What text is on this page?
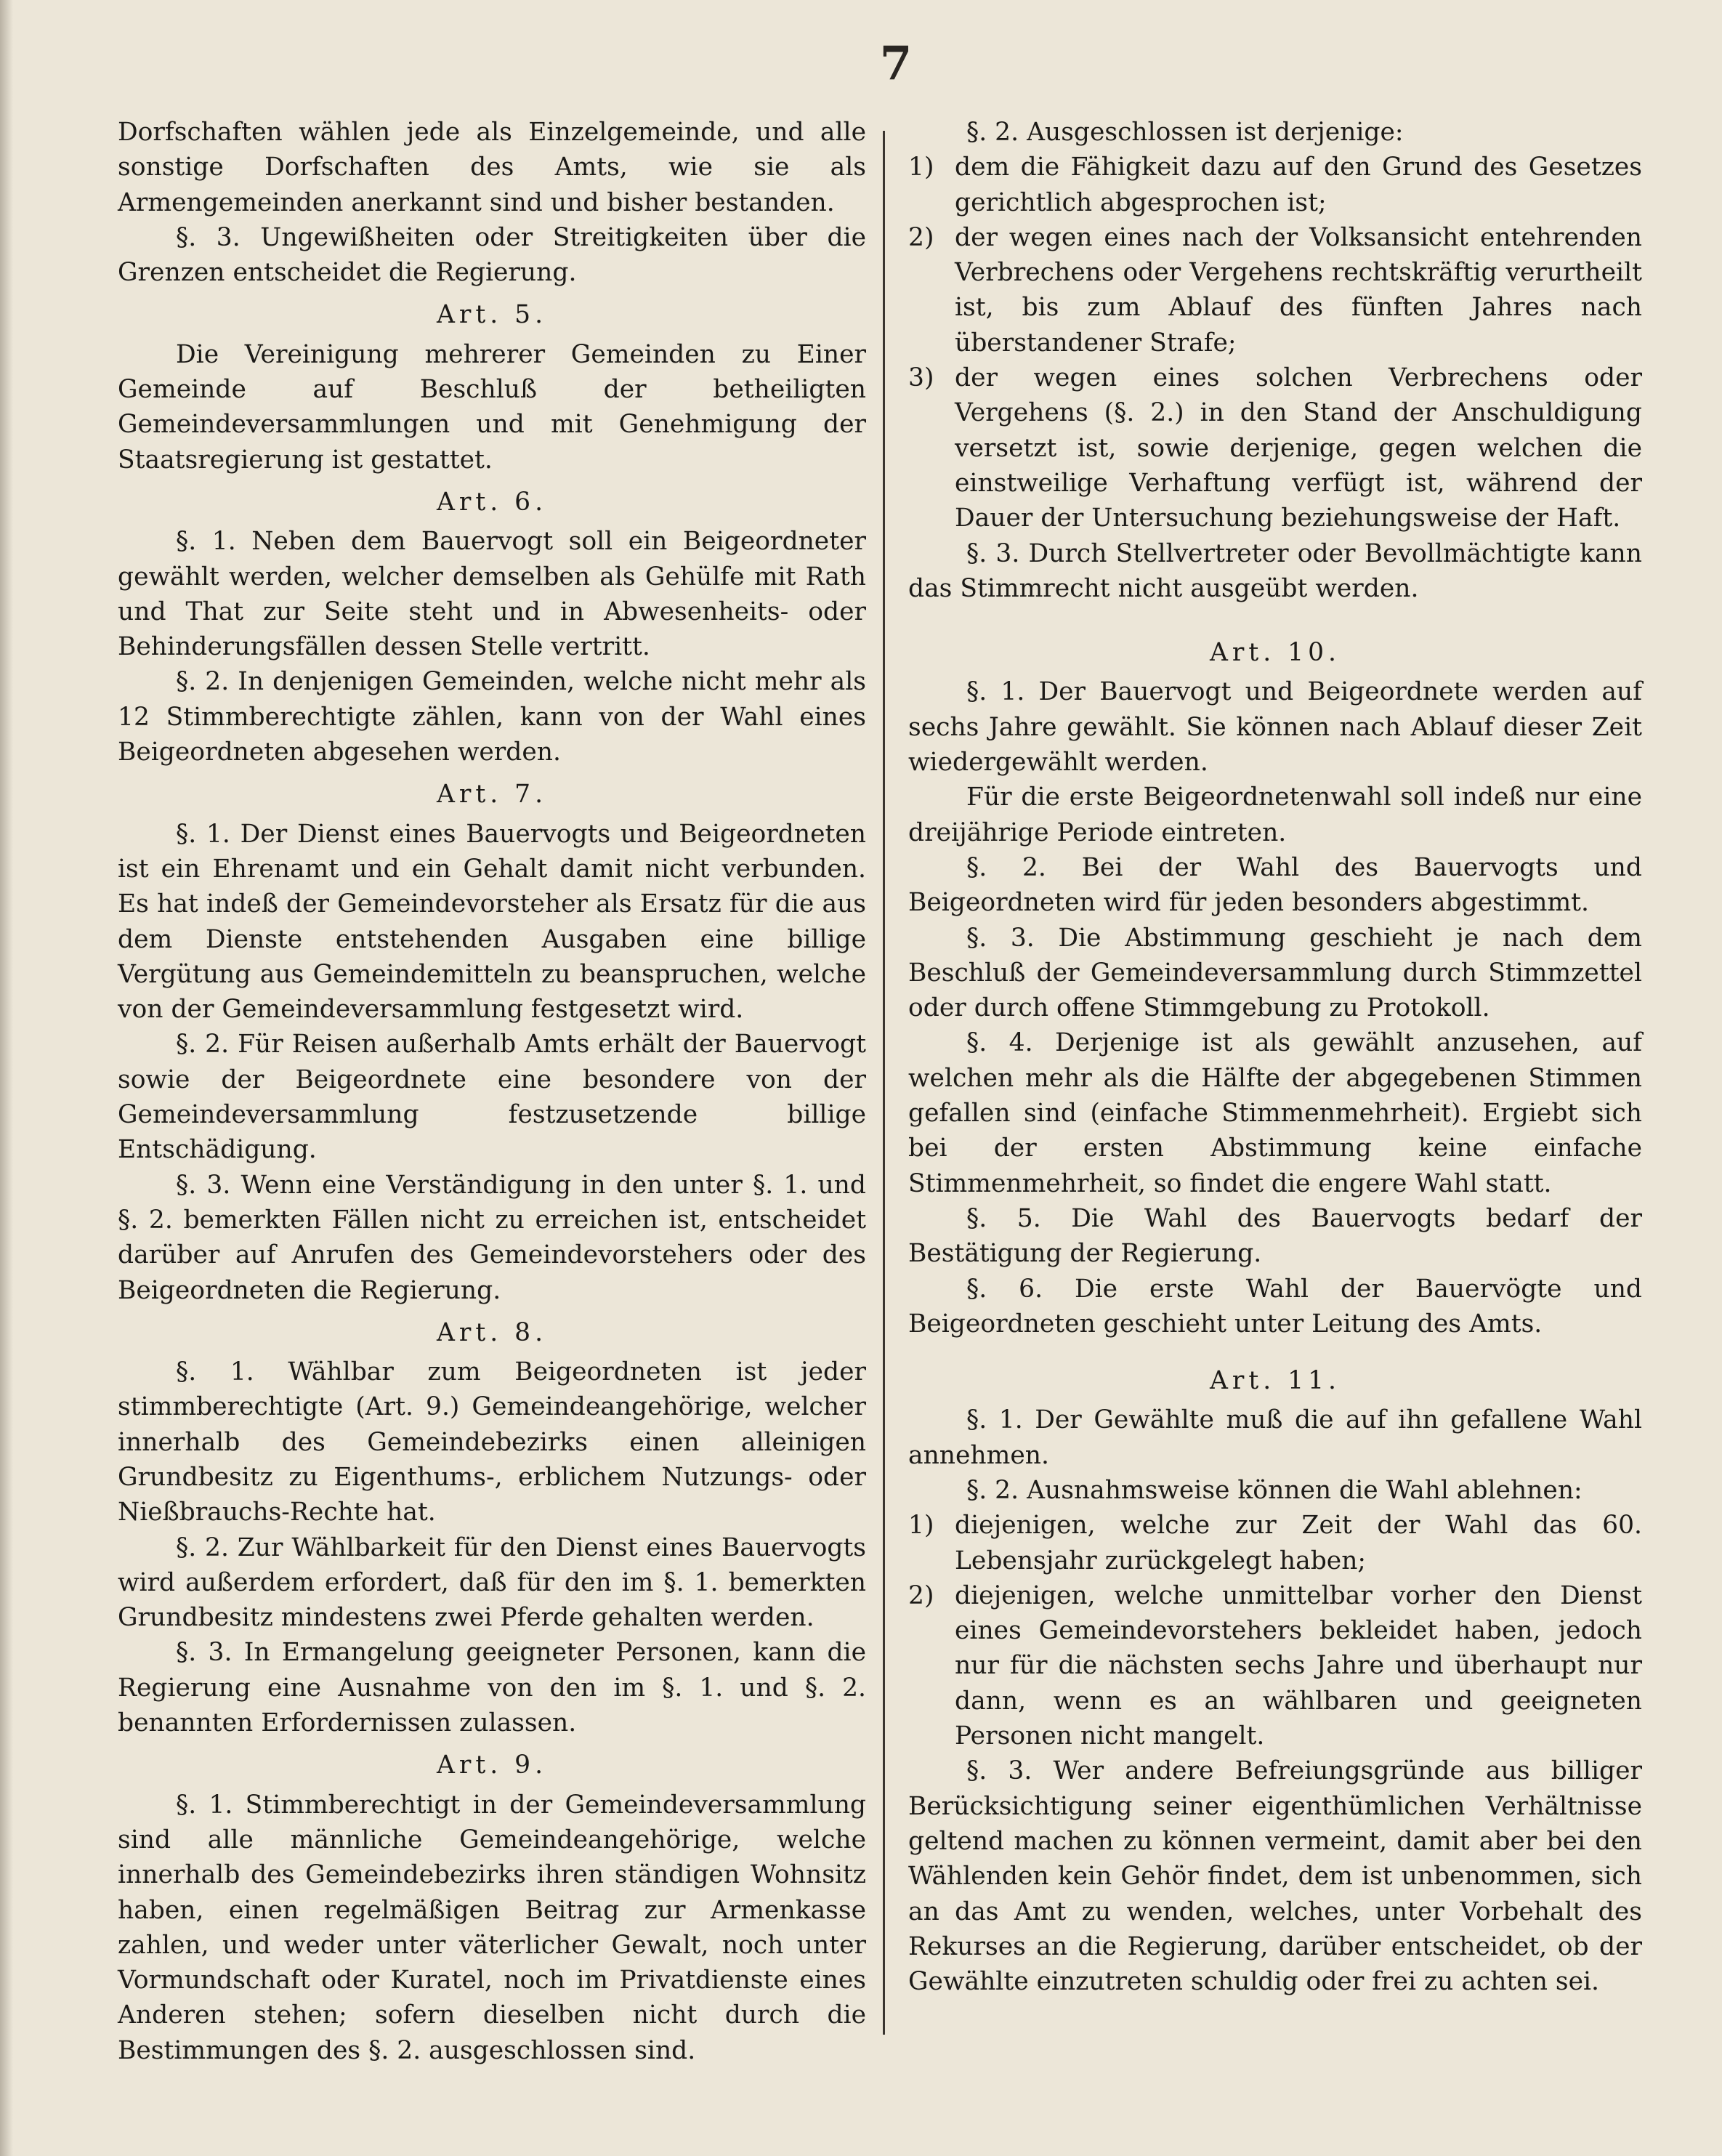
7

Dorfschaften wählen jede als Einzelgemeinde, und alle sonstige Dorfschaften des Amts, wie sie als Armengemeinden anerkannt sind und bisher bestanden.

§. 3. Ungewißheiten oder Streitigkeiten über die Grenzen entscheidet die Regierung.

Art. 5.

Die Vereinigung mehrerer Gemeinden zu Einer Gemeinde auf Beschluß der betheiligten Gemeindeversammlungen und mit Genehmigung der Staatsregierung ist gestattet.

Art. 6.

§. 1. Neben dem Bauervogt soll ein Beigeordneter gewählt werden, welcher demselben als Gehülfe mit Rath und That zur Seite steht und in Abwesenheits- oder Behinderungsfällen dessen Stelle vertritt.

§. 2. In denjenigen Gemeinden, welche nicht mehr als 12 Stimmberechtigte zählen, kann von der Wahl eines Beigeordneten abgesehen werden.

Art. 7.

§. 1. Der Dienst eines Bauervogts und Beigeordneten ist ein Ehrenamt und ein Gehalt damit nicht verbunden. Es hat indeß der Gemeindevorsteher als Ersatz für die aus dem Dienste entstehenden Ausgaben eine billige Vergütung aus Gemeindemitteln zu beanspruchen, welche von der Gemeindeversammlung festgesetzt wird.

§. 2. Für Reisen außerhalb Amts erhält der Bauervogt sowie der Beigeordnete eine besondere von der Gemeindeversammlung festzusetzende billige Entschädigung.

§. 3. Wenn eine Verständigung in den unter §. 1. und §. 2. bemerkten Fällen nicht zu erreichen ist, entscheidet darüber auf Anrufen des Gemeindevorstehers oder des Beigeordneten die Regierung.

Art. 8.

§. 1. Wählbar zum Beigeordneten ist jeder stimmberechtigte (Art. 9.) Gemeindeangehörige, welcher innerhalb des Gemeindebezirks einen alleinigen Grundbesitz zu Eigenthums-, erblichem Nutzungs- oder Nießbrauchs-Rechte hat.

§. 2. Zur Wählbarkeit für den Dienst eines Bauervogts wird außerdem erfordert, daß für den im §. 1. bemerkten Grundbesitz mindestens zwei Pferde gehalten werden.

§. 3. In Ermangelung geeigneter Personen, kann die Regierung eine Ausnahme von den im §. 1. und §. 2. benannten Erfordernissen zulassen.

Art. 9.

§. 1. Stimmberechtigt in der Gemeindeversammlung sind alle männliche Gemeindeangehörige, welche innerhalb des Gemeindebezirks ihren ständigen Wohnsitz haben, einen regelmäßigen Beitrag zur Armenkasse zahlen, und weder unter väterlicher Gewalt, noch unter Vormundschaft oder Kuratel, noch im Privatdienste eines Anderen stehen; sofern dieselben nicht durch die Bestimmungen des §. 2. ausgeschlossen sind.

§. 2. Ausgeschlossen ist derjenige:

1) dem die Fähigkeit dazu auf den Grund des Gesetzes gerichtlich abgesprochen ist;
2) der wegen eines nach der Volksansicht entehrenden Verbrechens oder Vergehens rechtskräftig verurtheilt ist, bis zum Ablauf des fünften Jahres nach überstandener Strafe;
3) der wegen eines solchen Verbrechens oder Vergehens (§. 2.) in den Stand der Anschuldigung versetzt ist, sowie derjenige, gegen welchen die einstweilige Verhaftung verfügt ist, während der Dauer der Untersuchung beziehungsweise der Haft.

§. 3. Durch Stellvertreter oder Bevollmächtigte kann das Stimmrecht nicht ausgeübt werden.

Art. 10.

§. 1. Der Bauervogt und Beigeordnete werden auf sechs Jahre gewählt. Sie können nach Ablauf dieser Zeit wiedergewählt werden.

Für die erste Beigeordnetenwahl soll indeß nur eine dreijährige Periode eintreten.

§. 2. Bei der Wahl des Bauervogts und Beigeordneten wird für jeden besonders abgestimmt.

§. 3. Die Abstimmung geschieht je nach dem Beschluß der Gemeindeversammlung durch Stimmzettel oder durch offene Stimmgebung zu Protokoll.

§. 4. Derjenige ist als gewählt anzusehen, auf welchen mehr als die Hälfte der abgegebenen Stimmen gefallen sind (einfache Stimmenmehrheit). Ergiebt sich bei der ersten Abstimmung keine einfache Stimmenmehrheit, so findet die engere Wahl statt.

§. 5. Die Wahl des Bauervogts bedarf der Bestätigung der Regierung.

§. 6. Die erste Wahl der Bauervögte und Beigeordneten geschieht unter Leitung des Amts.

Art. 11.

§. 1. Der Gewählte muß die auf ihn gefallene Wahl annehmen.

§. 2. Ausnahmsweise können die Wahl ablehnen:

1) diejenigen, welche zur Zeit der Wahl das 60. Lebensjahr zurückgelegt haben;
2) diejenigen, welche unmittelbar vorher den Dienst eines Gemeindevorstehers bekleidet haben, jedoch nur für die nächsten sechs Jahre und überhaupt nur dann, wenn es an wählbaren und geeigneten Personen nicht mangelt.

§. 3. Wer andere Befreiungsgründe aus billiger Berücksichtigung seiner eigenthümlichen Verhältnisse geltend machen zu können vermeint, damit aber bei den Wählenden kein Gehör findet, dem ist unbenommen, sich an das Amt zu wenden, welches, unter Vorbehalt des Rekurses an die Regierung, darüber entscheidet, ob der Gewählte einzutreten schuldig oder frei zu achten sei.
